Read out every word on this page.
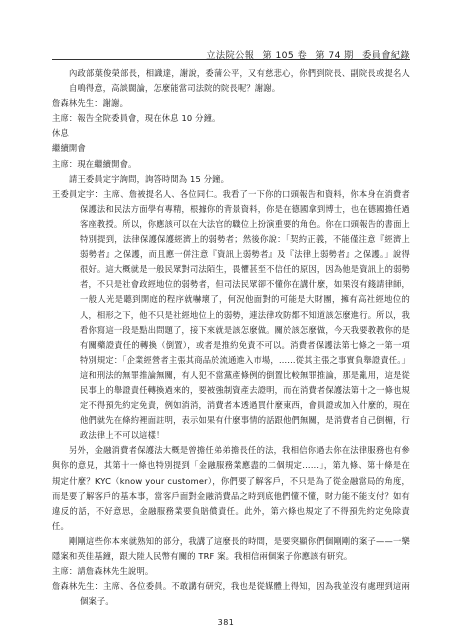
立法院公報 第 105 卷 第 74 期 委員會紀錄

內政部葉俊榮部長，相識達，謝說，委蒲公平，又有慈悲心，你們到院長、副院長或提名人自鳴得意，高談闊論，怎麼能當司法院的院長呢？謝謝。

詹森林先生：謝謝。

主席：報告全院委員會，現在休息 10 分鐘。

休息

繼續開會

主席：現在繼續開會。

請王委員定宇詢問，詢答時間為 15 分鐘。

王委員定宇：主席、詹被提名人、各位同仁。我看了一下你的口頭報告和資料，你本身在消費者保護法和民法方面學有專精，根據你的背景資料，你是在德國拿到博士，也在德國擔任過客座教授。所以，你應該可以在大法官的職位上扮演重要的角色。你在口頭報告的書面上特別提到，法律保護保護經濟上的弱勢者；然後你說：「契約正義，不能僅注意『經濟上弱勢者』之保護，而且應一併注意『資訊上弱勢者』及『法律上弱勢者』之保護。」說得很好。這大概就是一般民眾對司法陌生，畏懼甚至不信任的原因，因為他是資訊上的弱勢者，不只是社會政經地位的弱勢者，但司法民眾卻不懂你在講什麼，如果沒有錢請律師，一般人光是聽到開庭的程序就嚇壞了，何況他面對的可能是大財團，擁有高社經地位的人，相形之下，他不只是社經地位上的弱勢，連法律攻防都不知道該怎麼進行。所以，我看你寫這一段是點出問題了，接下來就是該怎麼做。關於該怎麼做，今天我要教教你的是有關藥證責任的轉換（倒置），或者是推約免責不可以。消費者保護法第七條之一第一項特別規定：「企業經營者主張其商品於流通進入市場，……從其主張之事實負舉證責任。」這和刑法的無罪推論無關，有人犯不當黨產條例的倒置比較無罪推論，那是亂用，這是從民事上的舉證責任轉換過來的，要被強制資產去證明，而在消費者保護法第十之一條也規定不得預先約定免責，例如消消，消費者本透過買什麼東西，會員證或加入什麼的，現在他們就先在條約裡面註明，表示如果有什麼事情的話跟他們無關，是消費者自己倒楣，行政法律上不可以這樣！

另外，金融消費者保護法大概是曾擔任弟弟擔長任的法，我相信你過去你在法律服務也有參與你的意見，其第十一條也特別提到「金融服務業應盡的二個規定……」，第九條、第十條是在規定什麼？KYC（know your customer），你們要了解客戶，不只是為了從金融當局的角度，而是要了解客戶的基本事，當客戶面對金融消費品之時到底他們懂不懂，財力能不能支付？如有違反的話，不好意思，金融服務業要負賠償責任。此外，第六條也規定了不得預先約定免除責任。

剛剛這些你本來就熟知的部分，我講了這麼長的時間，是要突顯你們個剛剛的案子——一樂隱案和英佳基鐘，跟大陸人民幣有關的 TRF 案。我相信兩個案子你應該有研究。

主席：請詹森林先生說明。

詹森林先生：主席、各位委員。不敢講有研究，我也是從媒體上得知，因為我並沒有處理到這兩個案子。

381
